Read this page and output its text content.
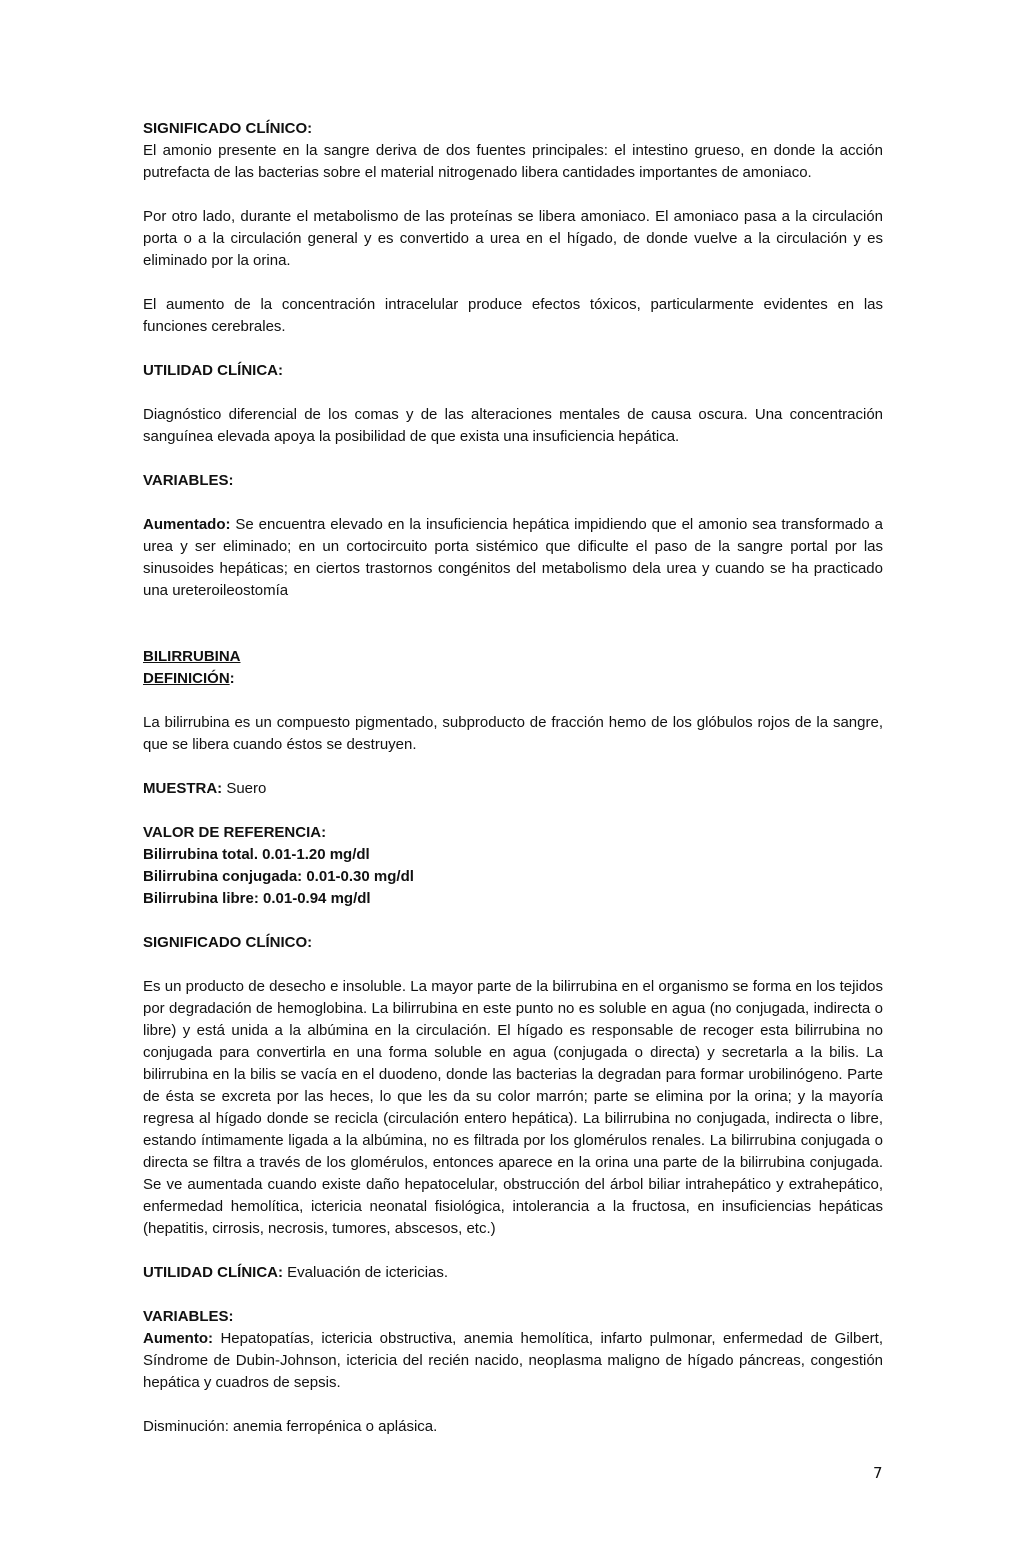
SIGNIFICADO CLÍNICO:

El amonio presente en la sangre deriva de dos fuentes principales: el intestino grueso, en donde la acción putrefacta de las bacterias sobre el material nitrogenado libera cantidades importantes de amoniaco.

Por otro lado, durante el metabolismo de las proteínas se libera amoniaco. El amoniaco pasa a la circulación porta o a la circulación general y es convertido a urea en el hígado, de donde vuelve a la circulación y es eliminado por la orina.

El aumento de la concentración intracelular produce efectos tóxicos, particularmente evidentes en las funciones cerebrales.

UTILIDAD CLÍNICA:

Diagnóstico diferencial de los comas y de las alteraciones mentales de causa oscura. Una concentración sanguínea elevada apoya la posibilidad de que exista una insuficiencia hepática.

VARIABLES:

Aumentado: Se encuentra elevado en la insuficiencia hepática impidiendo que el amonio sea transformado a urea y ser eliminado; en un cortocircuito porta sistémico que dificulte el paso de la sangre portal por las sinusoides hepáticas; en ciertos trastornos congénitos del metabolismo dela urea y cuando se ha practicado una ureteroileostomía

BILIRRUBINA

DEFINICIÓN:

La bilirrubina es un compuesto pigmentado, subproducto de fracción hemo de los glóbulos rojos de la sangre, que se libera cuando éstos se destruyen.

MUESTRA: Suero

VALOR DE REFERENCIA:

Bilirrubina total. 0.01-1.20 mg/dl

Bilirrubina conjugada: 0.01-0.30 mg/dl

Bilirrubina libre: 0.01-0.94 mg/dl

SIGNIFICADO CLÍNICO:

Es un producto de desecho e insoluble. La mayor parte de la bilirrubina en el organismo se forma en los tejidos por degradación de hemoglobina. La bilirrubina en este punto no es soluble en agua (no conjugada, indirecta o libre) y está unida a la albúmina en la circulación. El hígado es responsable de recoger esta bilirrubina no conjugada para convertirla en una forma soluble en agua (conjugada o directa) y secretarla a la bilis. La bilirrubina en la bilis se vacía en el duodeno, donde las bacterias la degradan para formar urobilinógeno. Parte de ésta se excreta por las heces, lo que les da su color marrón; parte se elimina por la orina; y la mayoría regresa al hígado donde se recicla (circulación entero hepática). La bilirrubina no conjugada, indirecta o libre, estando íntimamente ligada a la albúmina, no es filtrada por los glomérulos renales. La bilirrubina conjugada o directa se filtra a través de los glomérulos, entonces aparece en la orina una parte de la bilirrubina conjugada. Se ve aumentada cuando existe daño hepatocelular, obstrucción del árbol biliar intrahepático y extrahepático, enfermedad hemolítica, ictericia neonatal fisiológica, intolerancia a la fructosa, en insuficiencias hepáticas (hepatitis, cirrosis, necrosis, tumores, abscesos, etc.)

UTILIDAD CLÍNICA: Evaluación de ictericias.

VARIABLES:

Aumento: Hepatopatías, ictericia obstructiva, anemia hemolítica, infarto pulmonar, enfermedad de Gilbert, Síndrome de Dubin-Johnson, ictericia del recién nacido, neoplasma maligno de hígado páncreas, congestión hepática y cuadros de sepsis.

Disminución: anemia ferropénica o aplásica.

7
